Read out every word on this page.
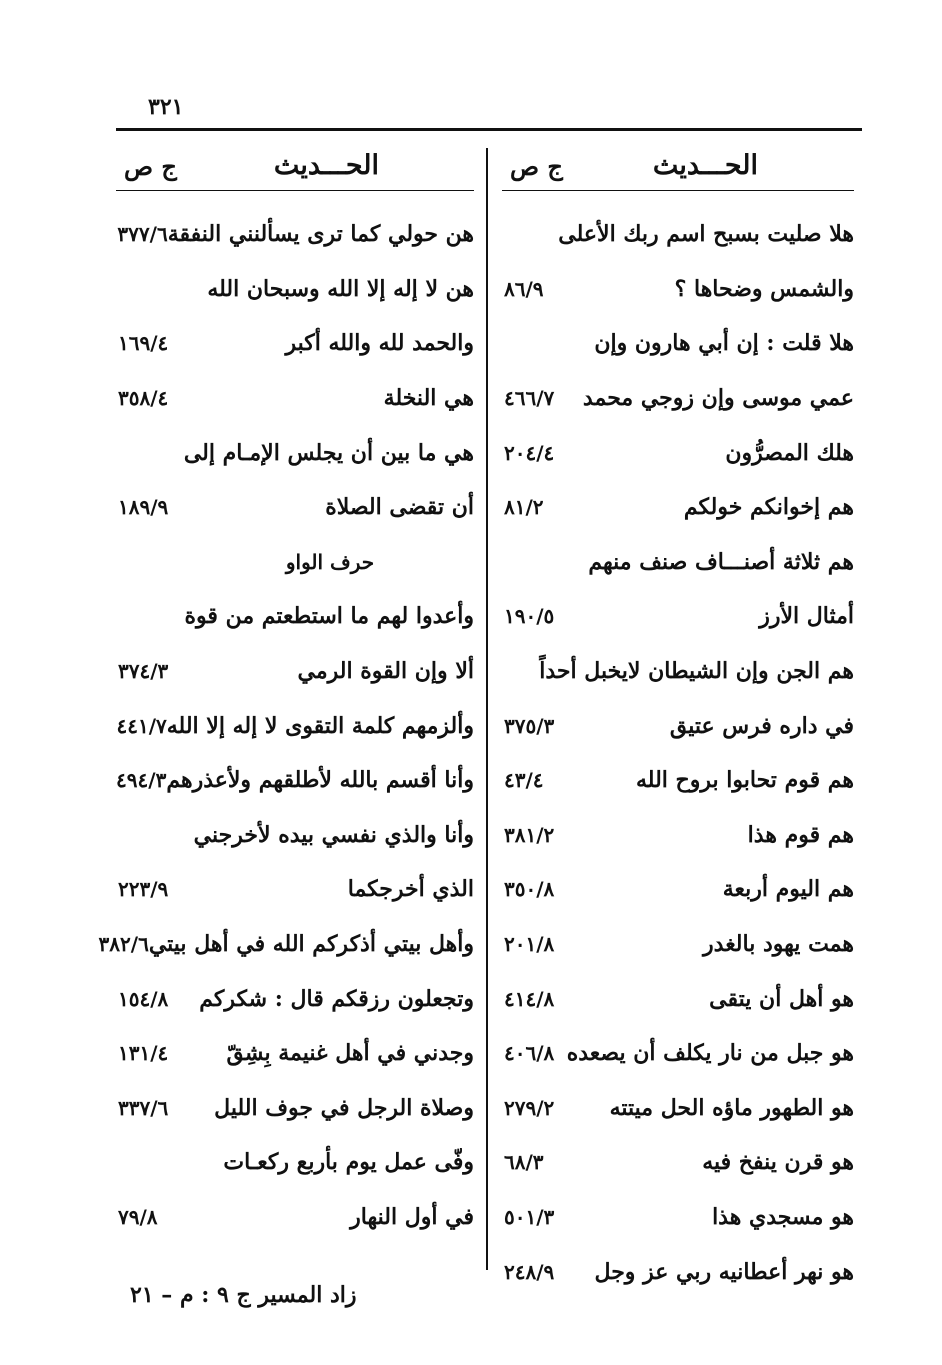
٣٢١
الحـــديث
ج ص
هلا صليت بسبح اسم ربك الأعلى
والشمس وضحاها ؟
٨٦/٩
هلا قلت : إن أبي هارون وإن
عمي موسى وإن زوجي محمد
٤٦٦/٧
هلك المصرُّون
٢٠٤/٤
هم إخوانكم خولكم
٨١/٢
هم ثلاثة أصنـــاف صنف منهم
أمثال الأرز
١٩٠/٥
هم الجن وإن الشيطان لايخبل أحداً
في داره فرس عتيق
٣٧٥/٣
هم قوم تحابوا بروح الله
٤٣/٤
هم قوم هذا
٣٨١/٢
هم اليوم أربعة
٣٥٠/٨
همت يهود بالغدر
٢٠١/٨
هو أهل أن يتقى
٤١٤/٨
هو جبل من نار يكلف أن يصعده
٤٠٦/٨
هو الطهور ماؤه الحل ميتته
٢٧٩/٢
هو قرن ينفخ فيه
٦٨/٣
هو مسجدي هذا
٥٠١/٣
هو نهر أعطانيه ربي عز وجل
٢٤٨/٩
الحـــديث
ج ص
هن حولي كما ترى يسألنني النفقة
٣٧٧/٦
هن لا إله إلا الله وسبحان الله
والحمد لله والله أكبر
١٦٩/٤
هي النخلة
٣٥٨/٤
هي ما بين أن يجلس الإمـام إلى
أن تقضى الصلاة
١٨٩/٩
حرف الواو
وأعدوا لهم ما استطعتم من قوة
ألا وإن القوة الرمي
٣٧٤/٣
وألزمهم كلمة التقوى لا إله إلا الله
٤٤١/٧
وأنا أقسم بالله لأطلقهم ولأعذرهم
٤٩٤/٣
وأنا والذي نفسي بيده لأخرجني
الذي أخرجكما
٢٢٣/٩
وأهل بيتي أذكركم الله في أهل بيتي
٣٨٢/٦
وتجعلون رزقكم قال : شكركم
١٥٤/٨
وجدني في أهل غنيمة بِشِقّ
١٣١/٤
وصلاة الرجل في جوف الليل
٣٣٧/٦
وفّى عمل يوم بأربع ركعـات
في أول النهار
٧٩/٨
زاد المسير ج ٩ : م – ٢١
